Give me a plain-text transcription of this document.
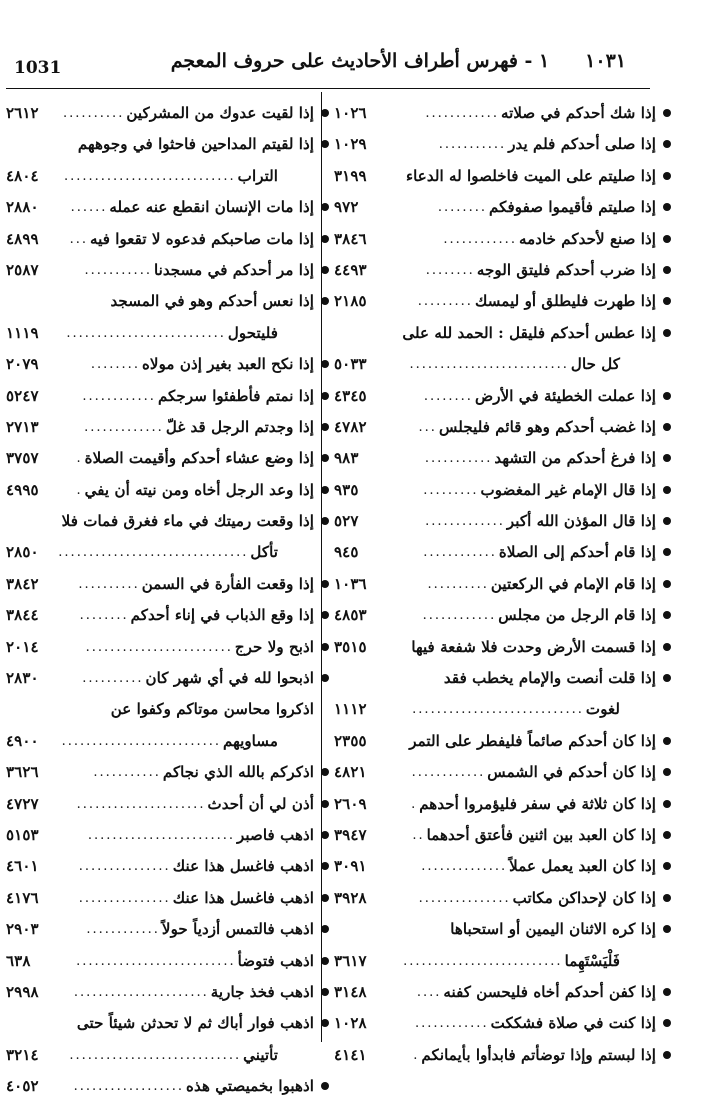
1031	١ - فهرس أطراف الأحاديث على حروف المعجم	١٠٣١
إذا شك أحدكم في صلاته
............
١٠٢٦
إذا صلى أحدكم فلم يدر
...........
١٠٢٩
إذا صليتم على الميت فاخلصوا له الدعاء
٣١٩٩
إذا صليتم فأقيموا صفوفكم
........
٩٧٢
إذا صنع لأحدكم خادمه
............
٣٨٤٦
إذا ضرب أحدكم فليتق الوجه
........
٤٤٩٣
إذا طهرت فليطلق أو ليمسك
.........
٢١٨٥
إذا عطس أحدكم فليقل : الحمد لله على
كل حال
..........................
٥٠٣٣
إذا عملت الخطيئة في الأرض
........
٤٣٤٥
إذا غضب أحدكم وهو قائم فليجلس
...
٤٧٨٢
إذا فرغ أحدكم من التشهد
...........
٩٨٣
إذا قال الإمام غير المغضوب
.........
٩٣٥
إذا قال المؤذن الله أكبر
.............
٥٢٧
إذا قام أحدكم إلى الصلاة
............
٩٤٥
إذا قام الإمام في الركعتين
..........
١٠٣٦
إذا قام الرجل من مجلس
............
٤٨٥٣
إذا قسمت الأرض وحدت فلا شفعة فيها
٣٥١٥
إذا قلت أنصت والإمام يخطب فقد
لغوت
............................
١١١٢
إذا كان أحدكم صائماً فليفطر على التمر
٢٣٥٥
إذا كان أحدكم في الشمس
............
٤٨٢١
إذا كان ثلاثة في سفر فليؤمروا أحدهم
.
٢٦٠٩
إذا كان العبد بين اثنين فأعتق أحدهما
..
٣٩٤٧
إذا كان العبد يعمل عملاً
..............
٣٠٩١
إذا كان لإحداكن مكاتب
...............
٣٩٢٨
إذا كره الاثنان اليمين أو استحباها
فَلْيَسْتَهِما
..........................
٣٦١٧
إذا كفن أحدكم أخاه فليحسن كفنه
....
٣١٤٨
إذا كنت في صلاة فشككت
............
١٠٢٨
إذا لبستم وإذا توضأتم فابدأوا بأيمانكم
.
٤١٤١
إذا لقيت عدوك من المشركين
..........
٢٦١٢
إذا لقيتم المداحين فاحثوا في وجوههم
التراب
............................
٤٨٠٤
إذا مات الإنسان انقطع عنه عمله
......
٢٨٨٠
إذا مات صاحبكم فدعوه لا تقعوا فيه
...
٤٨٩٩
إذا مر أحدكم في مسجدنا
...........
٢٥٨٧
إذا نعس أحدكم وهو في المسجد
فليتحول
..........................
١١١٩
إذا نكح العبد بغير إذن مولاه
........
٢٠٧٩
إذا نمتم فأطفئوا سرجكم
............
٥٢٤٧
إذا وجدتم الرجل قد غلّ
.............
٢٧١٣
إذا وضع عشاء أحدكم وأقيمت الصلاة
.
٣٧٥٧
إذا وعد الرجل أخاه ومن نيته أن يفي
.
٤٩٩٥
إذا وقعت رميتك في ماء فغرق فمات فلا
تأكل
...............................
٢٨٥٠
إذا وقعت الفأرة في السمن
..........
٣٨٤٢
إذا وقع الذباب في إناء أحدكم
........
٣٨٤٤
اذبح ولا حرج
........................
٢٠١٤
اذبحوا لله في أي شهر كان
..........
٢٨٣٠
اذكروا محاسن موتاكم وكفوا عن
مساويهم
..........................
٤٩٠٠
اذكركم بالله الذي نجاكم
...........
٣٦٢٦
أذن لي أن أحدث
.....................
٤٧٢٧
اذهب فاصبر
........................
٥١٥٣
اذهب فاغسل هذا عنك
...............
٤٦٠١
اذهب فاغسل هذا عنك
...............
٤١٧٦
اذهب فالتمس أزدياً حولاً
............
٢٩٠٣
اذهب فتوضأ
..........................
٦٣٨
اذهب فخذ جارية
......................
٢٩٩٨
اذهب فوار أباك ثم لا تحدثن شيئاً حتى
تأتيني
............................
٣٢١٤
اذهبوا بخميصتي هذه
..................
٤٠٥٢
